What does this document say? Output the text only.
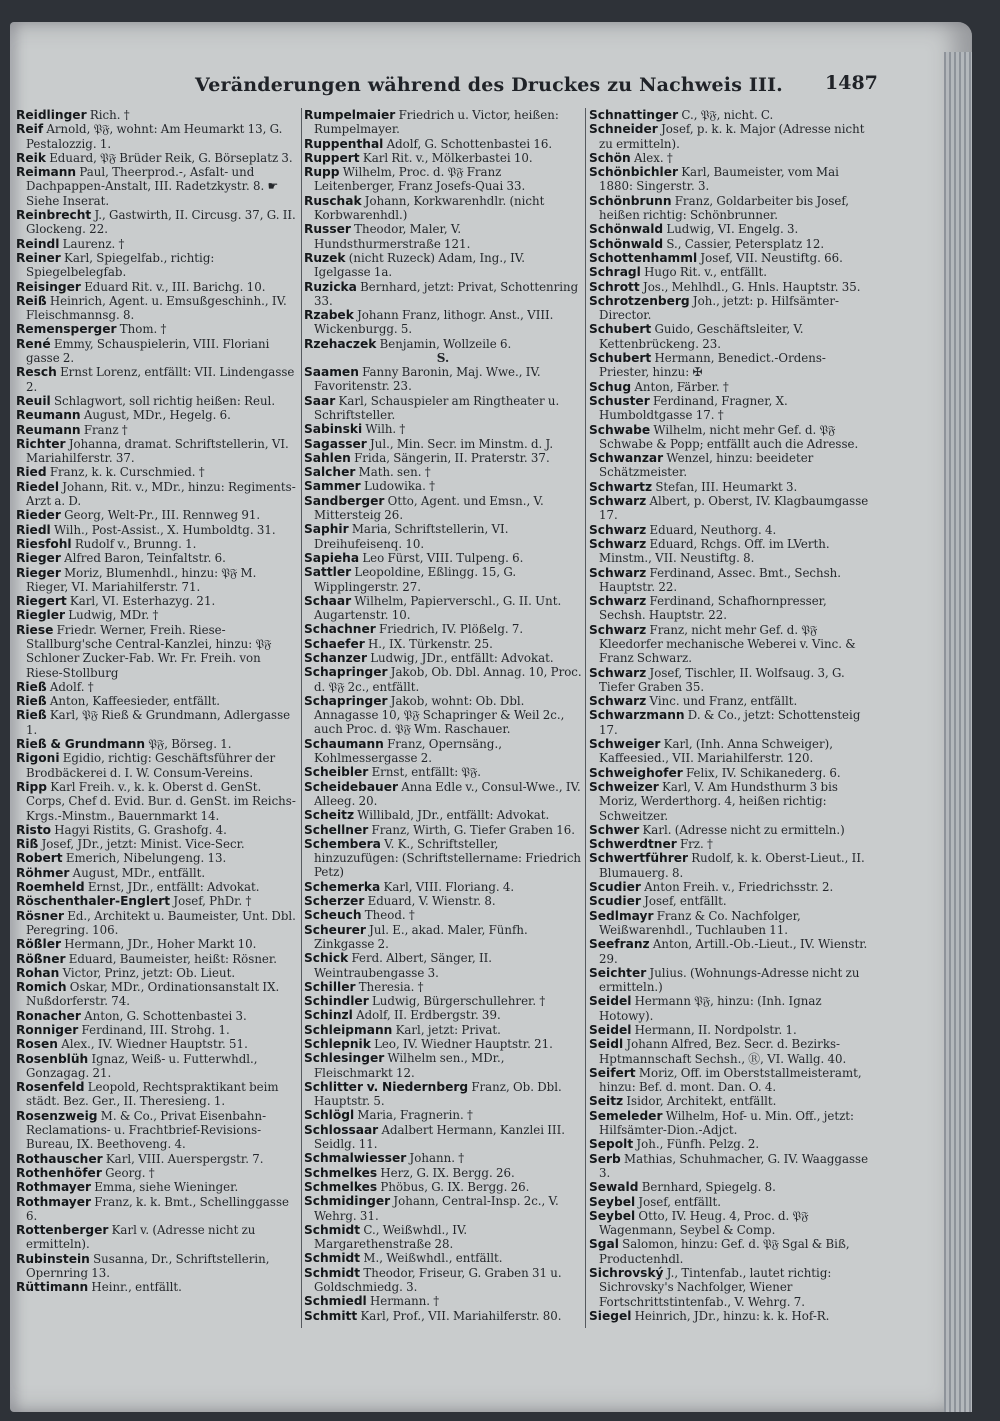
Veränderungen während des Druckes zu Nachweis III. 1487
Reidlinger Rich. †
Reif Arnold, 𝔓𝔉, wohnt: Am Heumarkt 13, G. Pestalozzig. 1.
Reik Eduard, 𝔓𝔉 Brüder Reik, G. Börseplatz 3.
Reimann Paul, Theerprod.-, Asfalt- und Dachpappen-Anstalt, III. Radetzkystr. 8. ☛ Siehe Inserat.
Reinbrecht J., Gastwirth, II. Circusg. 37, G. II. Glockeng. 22.
Reindl Laurenz. †
Reiner Karl, Spiegelfab., richtig: Spiegelbelegfab.
Reisinger Eduard Rit. v., III. Barichg. 10.
Reiß Heinrich, Agent. u. Emsußgeschinh., IV. Fleischmannsg. 8.
Remensperger Thom. †
René Emmy, Schauspielerin, VIII. Floriani gasse 2.
Resch Ernst Lorenz, entfällt: VII. Lindengasse 2.
Reuil Schlagwort, soll richtig heißen: Reul.
Reumann August, MDr., Hegelg. 6.
Reumann Franz †
Richter Johanna, dramat. Schriftstellerin, VI. Mariahilferstr. 37.
Ried Franz, k. k. Curschmied. †
Riedel Johann, Rit. v., MDr., hinzu: Regiments-Arzt a. D.
Rieder Georg, Welt-Pr., III. Rennweg 91.
Riedl Wilh., Post-Assist., X. Humboldtg. 31.
Riesfohl Rudolf v., Brunng. 1.
Rieger Alfred Baron, Teinfaltstr. 6.
Rieger Moriz, Blumenhdl., hinzu: 𝔓𝔉 M. Rieger, VI. Mariahilferstr. 71.
Riegert Karl, VI. Esterhazyg. 21.
Riegler Ludwig, MDr. †
Riese Friedr. Werner, Freih. Riese-Stallburg'sche Central-Kanzlei, hinzu: 𝔓𝔉 Schloner Zucker-Fab. Wr. Fr. Freih. von Riese-Stollburg
Rieß Adolf. †
Rieß Anton, Kaffeesieder, entfällt.
Rieß Karl, 𝔓𝔉 Rieß & Grundmann, Adlergasse 1.
Rieß & Grundmann 𝔓𝔉, Börseg. 1.
Rigoni Egidio, richtig: Geschäftsführer der Brodbäckerei d. I. W. Consum-Vereins.
Ripp Karl Freih. v., k. k. Oberst d. GenSt. Corps, Chef d. Evid. Bur. d. GenSt. im Reichs-Krgs.-Minstm., Bauernmarkt 14.
Risto Hagyi Ristits, G. Grashofg. 4.
Riß Josef, JDr., jetzt: Minist. Vice-Secr.
Robert Emerich, Nibelungeng. 13.
Röhmer August, MDr., entfällt.
Roemheld Ernst, JDr., entfällt: Advokat.
Röschenthaler-Englert Josef, PhDr. †
Rösner Ed., Architekt u. Baumeister, Unt. Dbl. Peregring. 106.
Rößler Hermann, JDr., Hoher Markt 10.
Rößner Eduard, Baumeister, heißt: Rösner.
Rohan Victor, Prinz, jetzt: Ob. Lieut.
Romich Oskar, MDr., Ordinationsanstalt IX. Nußdorferstr. 74.
Ronacher Anton, G. Schottenbastei 3.
Ronniger Ferdinand, III. Strohg. 1.
Rosen Alex., IV. Wiedner Hauptstr. 51.
Rosenblüh Ignaz, Weiß- u. Futterwhdl., Gonzagag. 21.
Rosenfeld Leopold, Rechtspraktikant beim städt. Bez. Ger., II. Theresieng. 1.
Rosenzweig M. & Co., Privat Eisenbahn-Reclamations- u. Frachtbrief-Revisions-Bureau, IX. Beethoveng. 4.
Rothauscher Karl, VIII. Auerspergstr. 7.
Rothenhöfer Georg. †
Rothmayer Emma, siehe Wieninger.
Rothmayer Franz, k. k. Bmt., Schellinggasse 6.
Rottenberger Karl v. (Adresse nicht zu ermitteln).
Rubinstein Susanna, Dr., Schriftstellerin, Opernring 13.
Rüttimann Heinr., entfällt.
Rumpelmaier Friedrich u. Victor, heißen: Rumpelmayer.
Ruppenthal Adolf, G. Schottenbastei 16.
Ruppert Karl Rit. v., Mölkerbastei 10.
Rupp Wilhelm, Proc. d. 𝔓𝔉 Franz Leitenberger, Franz Josefs-Quai 33.
Ruschak Johann, Korkwarenhdlr. (nicht Korbwarenhdl.)
Russer Theodor, Maler, V. Hundsthurmerstraße 121.
Ruzek (nicht Ruzeck) Adam, Ing., IV. Igelgasse 1a.
Ruzicka Bernhard, jetzt: Privat, Schottenring 33.
Rzabek Johann Franz, lithogr. Anst., VIII. Wickenburgg. 5.
Rzehaczek Benjamin, Wollzeile 6.
S.
Saamen Fanny Baronin, Maj. Wwe., IV. Favoritenstr. 23.
Saar Karl, Schauspieler am Ringtheater u. Schriftsteller.
Sabinski Wilh. †
Sagasser Jul., Min. Secr. im Minstm. d. J.
Sahlen Frida, Sängerin, II. Praterstr. 37.
Salcher Math. sen. †
Sammer Ludowika. †
Sandberger Otto, Agent. und Emsn., V. Mittersteig 26.
Saphir Maria, Schriftstellerin, VI. Dreihufeisenq. 10.
Sapieha Leo Fürst, VIII. Tulpeng. 6.
Sattler Leopoldine, Eßlingg. 15, G. Wipplingerstr. 27.
Schaar Wilhelm, Papierverschl., G. II. Unt. Augartenstr. 10.
Schachner Friedrich, IV. Plößelg. 7.
Schaefer H., IX. Türkenstr. 25.
Schanzer Ludwig, JDr., entfällt: Advokat.
Schapringer Jakob, Ob. Dbl. Annag. 10, Proc. d. 𝔓𝔉 2c., entfällt.
Schapringer Jakob, wohnt: Ob. Dbl. Annagasse 10, 𝔓𝔉 Schapringer & Weil 2c., auch Proc. d. 𝔓𝔉 Wm. Raschauer.
Schaumann Franz, Opernsäng., Kohlmessergasse 2.
Scheibler Ernst, entfällt: 𝔓𝔉.
Scheidebauer Anna Edle v., Consul-Wwe., IV. Alleeg. 20.
Scheitz Willibald, JDr., entfällt: Advokat.
Schellner Franz, Wirth, G. Tiefer Graben 16.
Schembera V. K., Schriftsteller, hinzuzufügen: (Schriftstellername: Friedrich Petz)
Schemerka Karl, VIII. Floriang. 4.
Scherzer Eduard, V. Wienstr. 8.
Scheuch Theod. †
Scheurer Jul. E., akad. Maler, Fünfh. Zinkgasse 2.
Schick Ferd. Albert, Sänger, II. Weintraubengasse 3.
Schiller Theresia. †
Schindler Ludwig, Bürgerschullehrer. †
Schinzl Adolf, II. Erdbergstr. 39.
Schleipmann Karl, jetzt: Privat.
Schlepnik Leo, IV. Wiedner Hauptstr. 21.
Schlesinger Wilhelm sen., MDr., Fleischmarkt 12.
Schlitter v. Niedernberg Franz, Ob. Dbl. Hauptstr. 5.
Schlögl Maria, Fragnerin. †
Schlossaar Adalbert Hermann, Kanzlei III. Seidlg. 11.
Schmalwiesser Johann. †
Schmelkes Herz, G. IX. Bergg. 26.
Schmelkes Phöbus, G. IX. Bergg. 26.
Schmidinger Johann, Central-Insp. 2c., V. Wehrg. 31.
Schmidt C., Weißwhdl., IV. Margarethenstraße 28.
Schmidt M., Weißwhdl., entfällt.
Schmidt Theodor, Friseur, G. Graben 31 u. Goldschmiedg. 3.
Schmiedl Hermann. †
Schmitt Karl, Prof., VII. Mariahilferstr. 80.
Schnattinger C., 𝔓𝔉, nicht. C.
Schneider Josef, p. k. k. Major (Adresse nicht zu ermitteln).
Schön Alex. †
Schönbichler Karl, Baumeister, vom Mai 1880: Singerstr. 3.
Schönbrunn Franz, Goldarbeiter bis Josef, heißen richtig: Schönbrunner.
Schönwald Ludwig, VI. Engelg. 3.
Schönwald S., Cassier, Petersplatz 12.
Schottenhamml Josef, VII. Neustiftg. 66.
Schragl Hugo Rit. v., entfällt.
Schrott Jos., Mehlhdl., G. Hnls. Hauptstr. 35.
Schrotzenberg Joh., jetzt: p. Hilfsämter-Director.
Schubert Guido, Geschäftsleiter, V. Kettenbrückeng. 23.
Schubert Hermann, Benedict.-Ordens-Priester, hinzu: ✠
Schug Anton, Färber. †
Schuster Ferdinand, Fragner, X. Humboldtgasse 17. †
Schwabe Wilhelm, nicht mehr Gef. d. 𝔓𝔉 Schwabe & Popp; entfällt auch die Adresse.
Schwanzar Wenzel, hinzu: beeideter Schätzmeister.
Schwartz Stefan, III. Heumarkt 3.
Schwarz Albert, p. Oberst, IV. Klagbaumgasse 17.
Schwarz Eduard, Neuthorg. 4.
Schwarz Eduard, Rchgs. Off. im LVerth. Minstm., VII. Neustiftg. 8.
Schwarz Ferdinand, Assec. Bmt., Sechsh. Hauptstr. 22.
Schwarz Ferdinand, Schafhornpresser, Sechsh. Hauptstr. 22.
Schwarz Franz, nicht mehr Gef. d. 𝔓𝔉 Kleedorfer mechanische Weberei v. Vinc. & Franz Schwarz.
Schwarz Josef, Tischler, II. Wolfsaug. 3, G. Tiefer Graben 35.
Schwarz Vinc. und Franz, entfällt.
Schwarzmann D. & Co., jetzt: Schottensteig 17.
Schweiger Karl, (Inh. Anna Schweiger), Kaffeesied., VII. Mariahilferstr. 120.
Schweighofer Felix, IV. Schikanederg. 6.
Schweizer Karl, V. Am Hundsthurm 3 bis Moriz, Werderthorg. 4, heißen richtig: Schweitzer.
Schwer Karl. (Adresse nicht zu ermitteln.)
Schwerdtner Frz. †
Schwertführer Rudolf, k. k. Oberst-Lieut., II. Blumauerg. 8.
Scudier Anton Freih. v., Friedrichsstr. 2.
Scudier Josef, entfällt.
Sedlmayr Franz & Co. Nachfolger, Weißwarenhdl., Tuchlauben 11.
Seefranz Anton, Artill.-Ob.-Lieut., IV. Wienstr. 29.
Seichter Julius. (Wohnungs-Adresse nicht zu ermitteln.)
Seidel Hermann 𝔓𝔉, hinzu: (Inh. Ignaz Hotowy).
Seidel Hermann, II. Nordpolstr. 1.
Seidl Johann Alfred, Bez. Secr. d. Bezirks-Hptmannschaft Sechsh., Ⓡ, VI. Wallg. 40.
Seifert Moriz, Off. im Oberststallmeisteramt, hinzu: Bef. d. mont. Dan. O. 4.
Seitz Isidor, Architekt, entfällt.
Semeleder Wilhelm, Hof- u. Min. Off., jetzt: Hilfsämter-Dion.-Adjct.
Sepolt Joh., Fünfh. Pelzg. 2.
Serb Mathias, Schuhmacher, G. IV. Waaggasse 3.
Sewald Bernhard, Spiegelg. 8.
Seybel Josef, entfällt.
Seybel Otto, IV. Heug. 4, Proc. d. 𝔓𝔉 Wagenmann, Seybel & Comp.
Sgal Salomon, hinzu: Gef. d. 𝔓𝔉 Sgal & Biß, Productenhdl.
Sichrovský J., Tintenfab., lautet richtig: Sichrovsky's Nachfolger, Wiener Fortschrittstintenfab., V. Wehrg. 7.
Siegel Heinrich, JDr., hinzu: k. k. Hof-R.
